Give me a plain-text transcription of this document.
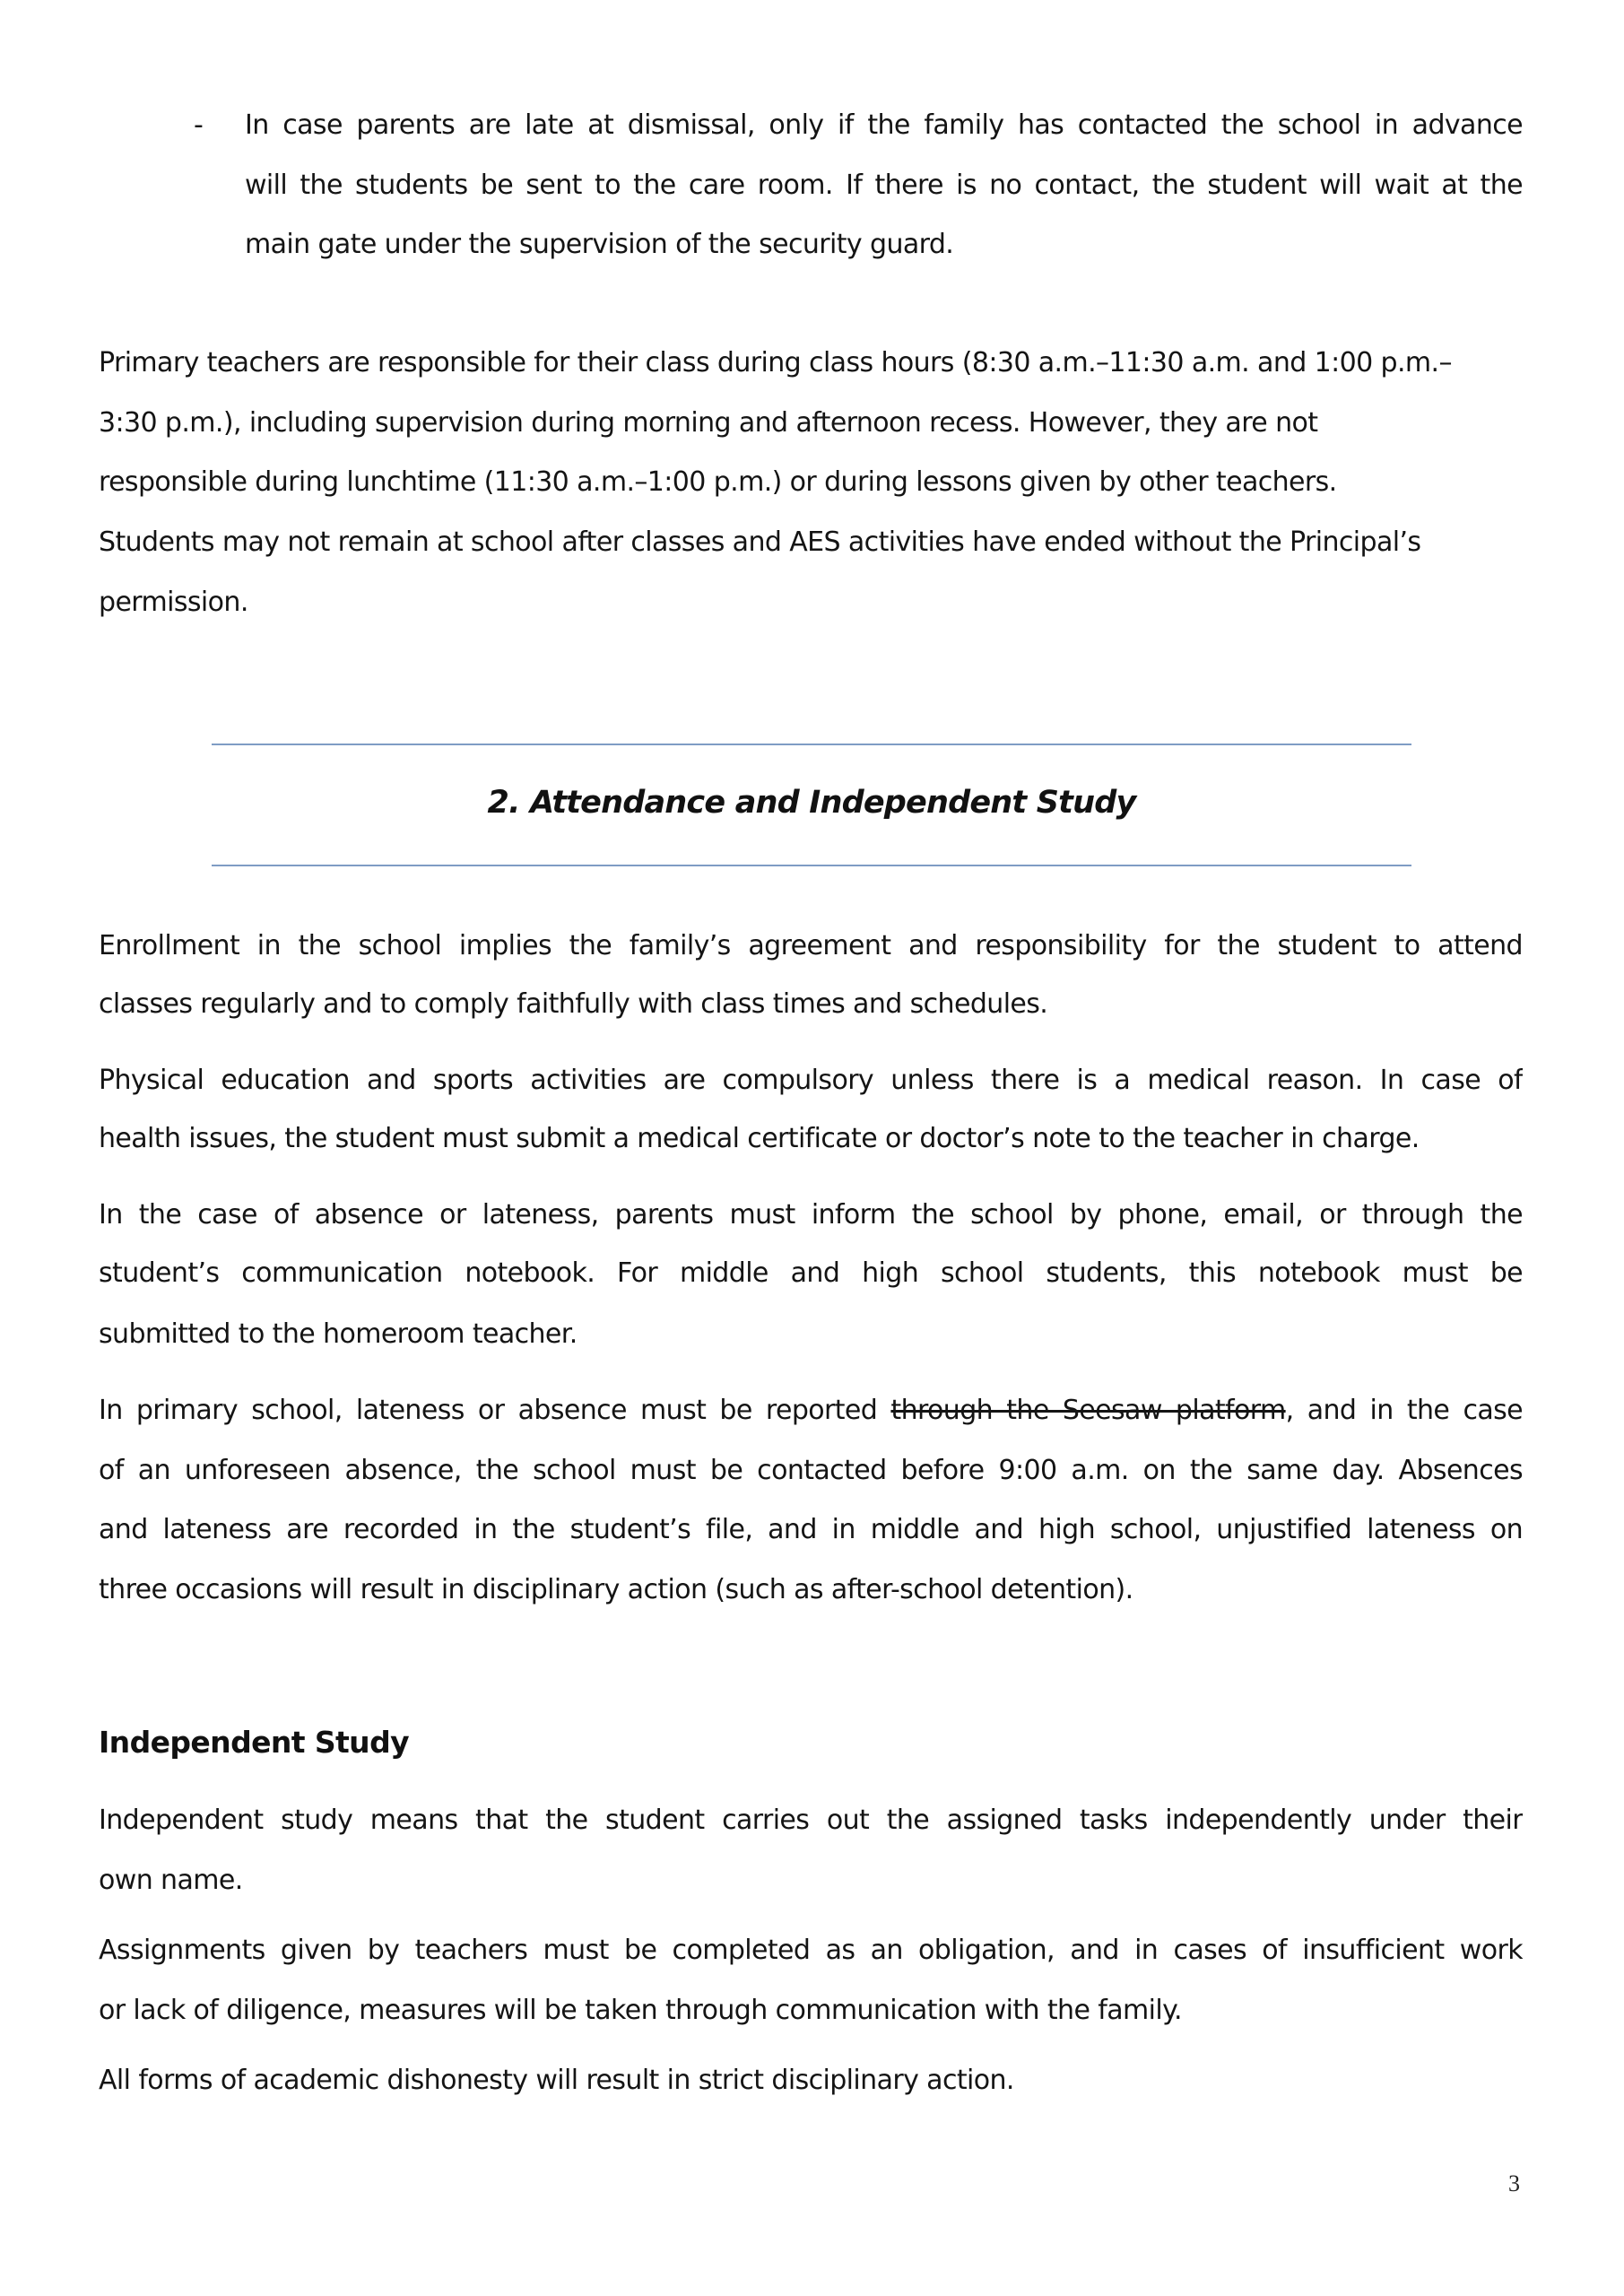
- In case parents are late at dismissal, only if the family has contacted the school in advance
will the students be sent to the care room. If there is no contact, the student will wait at the
main gate under the supervision of the security guard.
Primary teachers are responsible for their class during class hours (8:30 a.m.–11:30 a.m. and 1:00 p.m.–
3:30 p.m.), including supervision during morning and afternoon recess. However, they are not
responsible during lunchtime (11:30 a.m.–1:00 p.m.) or during lessons given by other teachers.
Students may not remain at school after classes and AES activities have ended without the Principal’s
permission.
2. Attendance and Independent Study
Enrollment in the school implies the family’s agreement and responsibility for the student to attend
classes regularly and to comply faithfully with class times and schedules.
Physical education and sports activities are compulsory unless there is a medical reason. In case of
health issues, the student must submit a medical certificate or doctor’s note to the teacher in charge.
In the case of absence or lateness, parents must inform the school by phone, email, or through the
student’s communication notebook. For middle and high school students, this notebook must be
submitted to the homeroom teacher.
In primary school, lateness or absence must be reported through the Seesaw platform, and in the case
of an unforeseen absence, the school must be contacted before 9:00 a.m. on the same day. Absences
and lateness are recorded in the student’s file, and in middle and high school, unjustified lateness on
three occasions will result in disciplinary action (such as after-school detention).
Independent Study
Independent study means that the student carries out the assigned tasks independently under their
own name.
Assignments given by teachers must be completed as an obligation, and in cases of insufficient work
or lack of diligence, measures will be taken through communication with the family.
All forms of academic dishonesty will result in strict disciplinary action.
3
